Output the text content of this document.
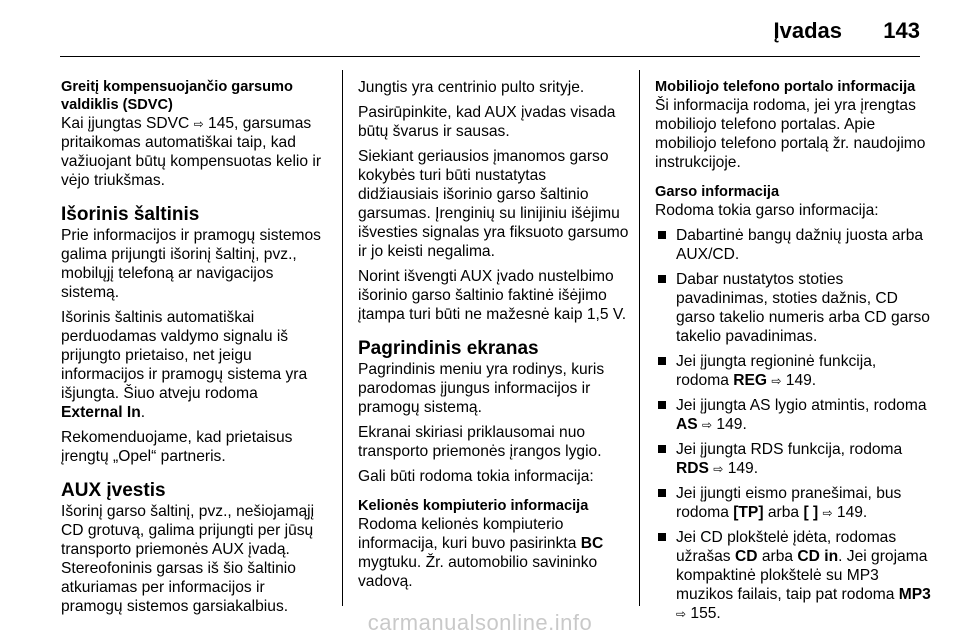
Įvadas 143
Greitį kompensuojančio garsumo
valdiklis (SDVC)

Kai įjungtas SDVC ⇨ 145, garsumas pritaikomas automatiškai taip, kad važiuojant būtų kompensuotas kelio ir vėjo triukšmas.

Išorinis šaltinis

Prie informacijos ir pramogų sistemos galima prijungti išorinį šaltinį, pvz., mobilųjį telefoną ar navigacijos sistemą.

Išorinis šaltinis automatiškai perduodamas valdymo signalu iš prijungto prietaiso, net jeigu informacijos ir pramogų sistema yra išjungta. Šiuo atveju rodoma
External In.

Rekomenduojame, kad prietaisus įrengtų „Opel“ partneris.

AUX įvestis

Išorinį garso šaltinį, pvz., nešiojamąjį CD grotuvą, galima prijungti per jūsų transporto priemonės AUX įvadą. Stereofoninis garsas iš šio šaltinio atkuriamas per informacijos ir pramogų sistemos garsiakalbius.

Jungtis yra centrinio pulto srityje.

Pasirūpinkite, kad AUX įvadas visada būtų švarus ir sausas.

Siekiant geriausios įmanomos garso kokybės turi būti nustatytas didžiausiais išorinio garso šaltinio garsumas. Įrenginių su linijiniu išėjimu išvesties signalas yra fiksuoto garsumo ir jo keisti negalima.

Norint išvengti AUX įvado nustelbimo išorinio garso šaltinio faktinė išėjimo įtampa turi būti ne mažesnė kaip 1,5 V.

Pagrindinis ekranas

Pagrindinis meniu yra rodinys, kuris parodomas įjungus informacijos ir pramogų sistemą.

Ekranai skiriasi priklausomai nuo transporto priemonės įrangos lygio.

Gali būti rodoma tokia informacija:

Kelionės kompiuterio informacija

Rodoma kelionės kompiuterio informacija, kuri buvo pasirinkta BC mygtuku. Žr. automobilio savininko vadovą.

Mobiliojo telefono portalo informacija

Ši informacija rodoma, jei yra įrengtas mobiliojo telefono portalas. Apie mobiliojo telefono portalą žr. naudojimo instrukcijoje.

Garso informacija

Rodoma tokia garso informacija:

Dabartinė bangų dažnių juosta arba AUX/CD.
Dabar nustatytos stoties pavadinimas, stoties dažnis, CD garso takelio numeris arba CD garso takelio pavadinimas.
Jei įjungta regioninė funkcija, rodoma REG ⇨ 149.
Jei įjungta AS lygio atmintis, rodoma AS ⇨ 149.
Jei įjungta RDS funkcija, rodoma RDS ⇨ 149.
Jei įjungti eismo pranešimai, bus rodoma [TP] arba [ ] ⇨ 149.
Jei CD plokštelė įdėta, rodomas užrašas CD arba CD in. Jei grojama kompaktinė plokštelė su MP3 muzikos failais, taip pat rodoma MP3 ⇨ 155.
carmanualsonline.info
